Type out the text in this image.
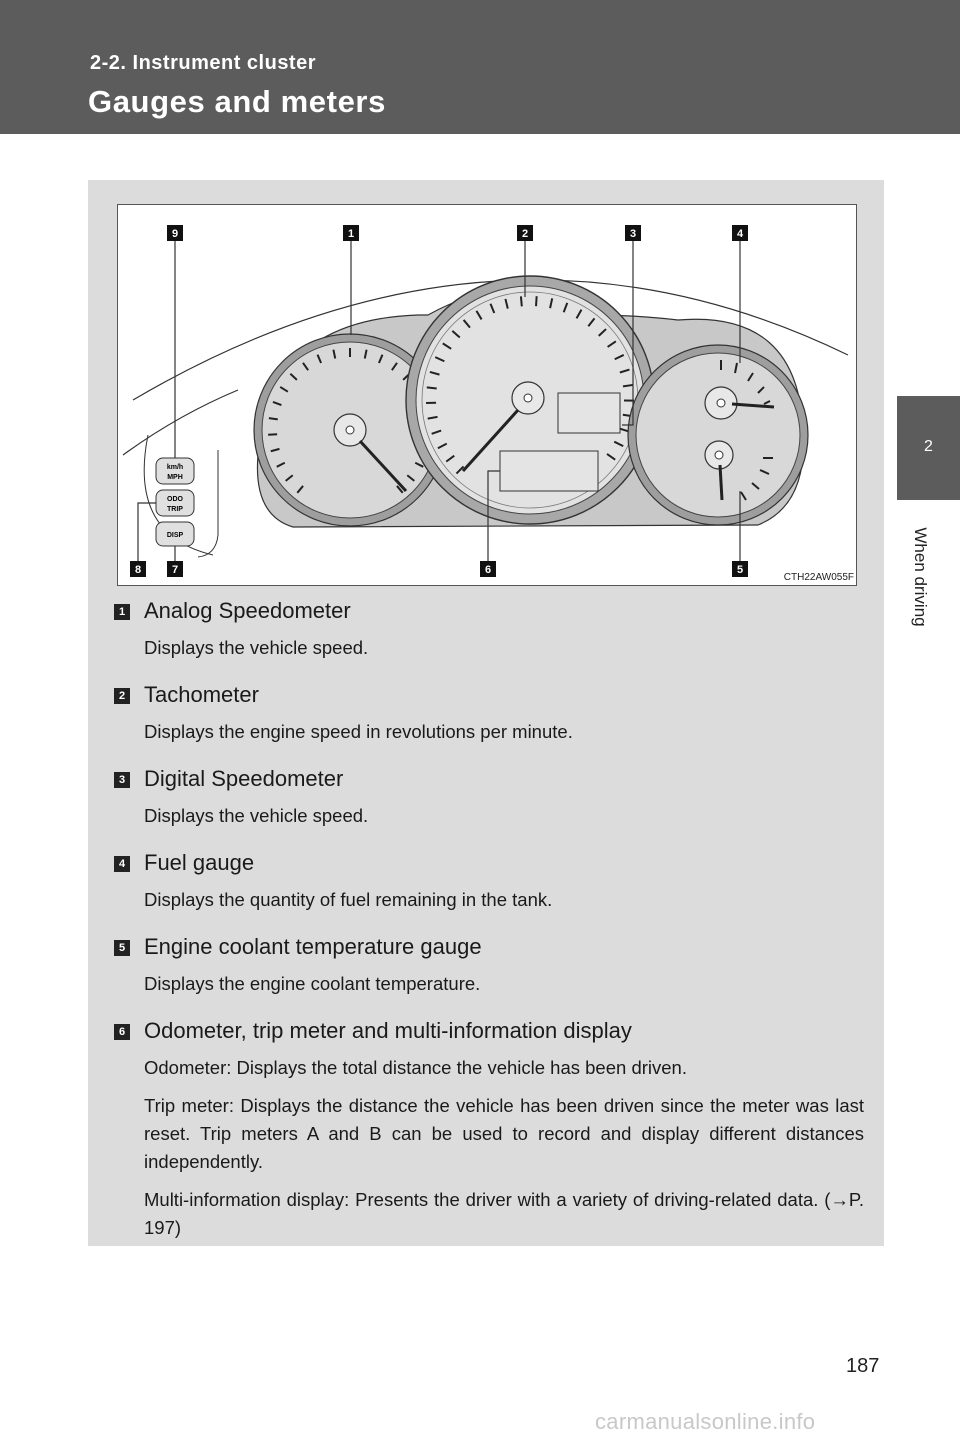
2-2. Instrument cluster
Gauges and meters
2
When driving
km/h
MPH
ODO
TRIP
DISP
9	1	2	3	4
8	7	6	5
CTH22AW055F
1 Analog Speedometer

Displays the vehicle speed.

2 Tachometer

Displays the engine speed in revolutions per minute.

3 Digital Speedometer

Displays the vehicle speed.

4 Fuel gauge

Displays the quantity of fuel remaining in the tank.

5 Engine coolant temperature gauge

Displays the engine coolant temperature.

6 Odometer, trip meter and multi-information display

Odometer: Displays the total distance the vehicle has been driven.

Trip meter: Displays the distance the vehicle has been driven since the meter was last reset. Trip meters A and B can be used to record and display different distances independently.

Multi-information display: Presents the driver with a variety of driving-related data. (→P. 197)

187
carmanualsonline.info
